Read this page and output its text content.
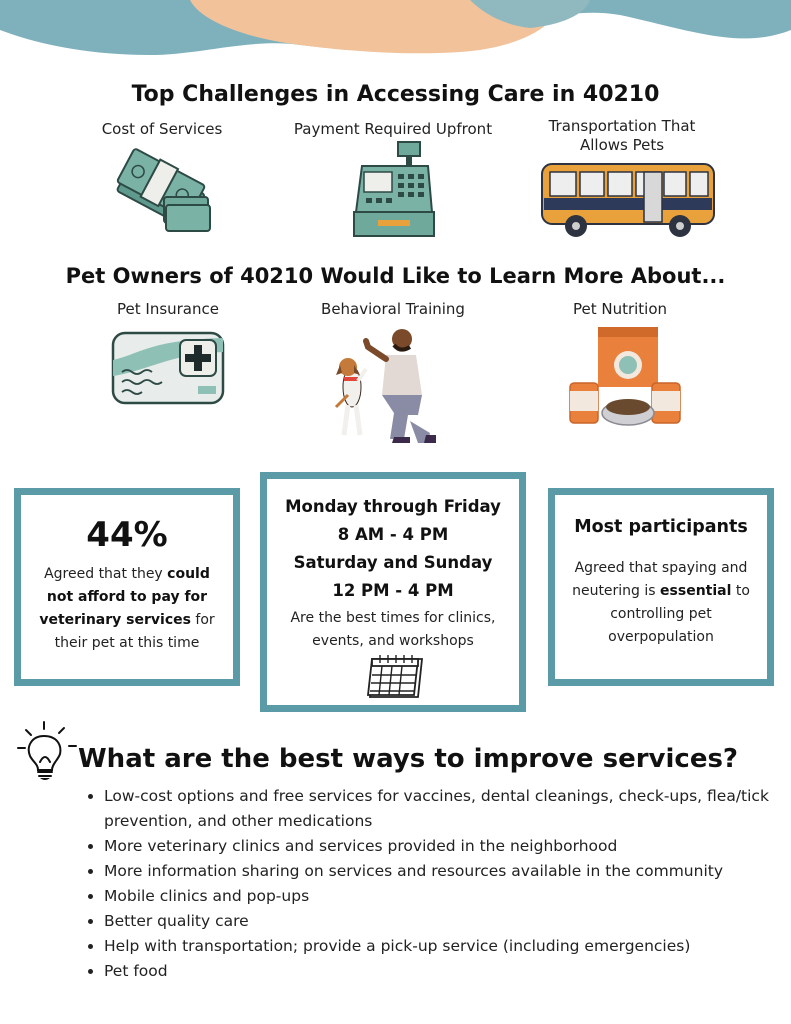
Top Challenges in Accessing Care in 40210
Cost of Services	Payment Required Upfront	Transportation That
Allows Pets
Pet Owners of 40210 Would Like to Learn More About...
Pet Insurance	Behavioral Training	Pet Nutrition
44%
Agreed that they could
not afford to pay for
veterinary services for
their pet at this time
Monday through Friday
8 AM - 4 PM
Saturday and Sunday
12 PM - 4 PM
Are the best times for clinics,
events, and workshops
Most participants
Agreed that spaying and
neutering is essential to
controlling pet
overpopulation
What are the best ways to improve services?
• Low-cost options and free services for vaccines, dental cleanings, check-ups, flea/tick prevention, and other medications
• More veterinary clinics and services provided in the neighborhood
• More information sharing on services and resources available in the community
• Mobile clinics and pop-ups
• Better quality care
• Help with transportation; provide a pick-up service (including emergencies)
• Pet food
